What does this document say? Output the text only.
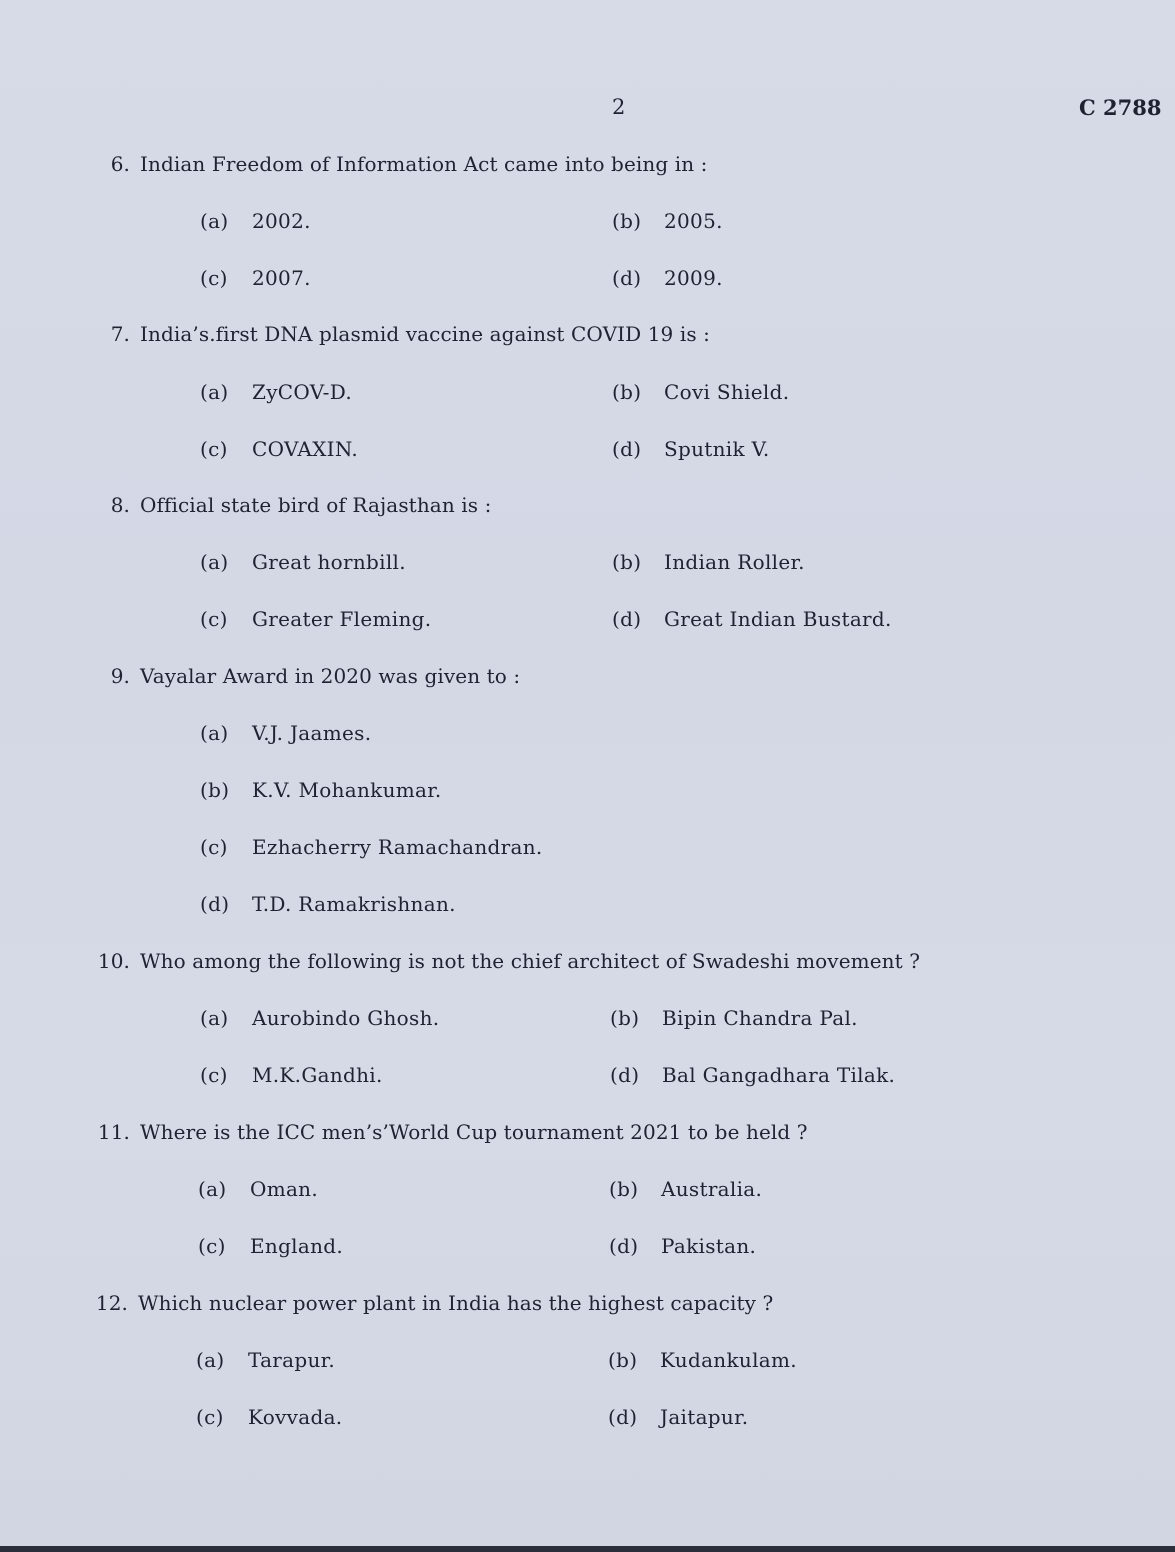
2	C 2788
6. Indian Freedom of Information Act came into being in :
(a) 2002.	(b) 2005.
(c) 2007.	(d) 2009.
7. India’s.first DNA plasmid vaccine against COVID 19 is :
(a) ZyCOV-D.	(b) Covi Shield.
(c) COVAXIN.	(d) Sputnik V.
8. Official state bird of Rajasthan is :
(a) Great hornbill.	(b) Indian Roller.
(c) Greater Fleming.	(d) Great Indian Bustard.
9. Vayalar Award in 2020 was given to :
(a) V.J. Jaames.
(b) K.V. Mohankumar.
(c) Ezhacherry Ramachandran.
(d) T.D. Ramakrishnan.
10. Who among the following is not the chief architect of Swadeshi movement ?
(a) Aurobindo Ghosh.	(b) Bipin Chandra Pal.
(c) M.K.Gandhi.	(d) Bal Gangadhara Tilak.
11. Where is the ICC men’s’World Cup tournament 2021 to be held ?
(a) Oman.	(b) Australia.
(c) England.	(d) Pakistan.
12. Which nuclear power plant in India has the highest capacity ?
(a) Tarapur.	(b) Kudankulam.
(c) Kovvada.	(d) Jaitapur.
